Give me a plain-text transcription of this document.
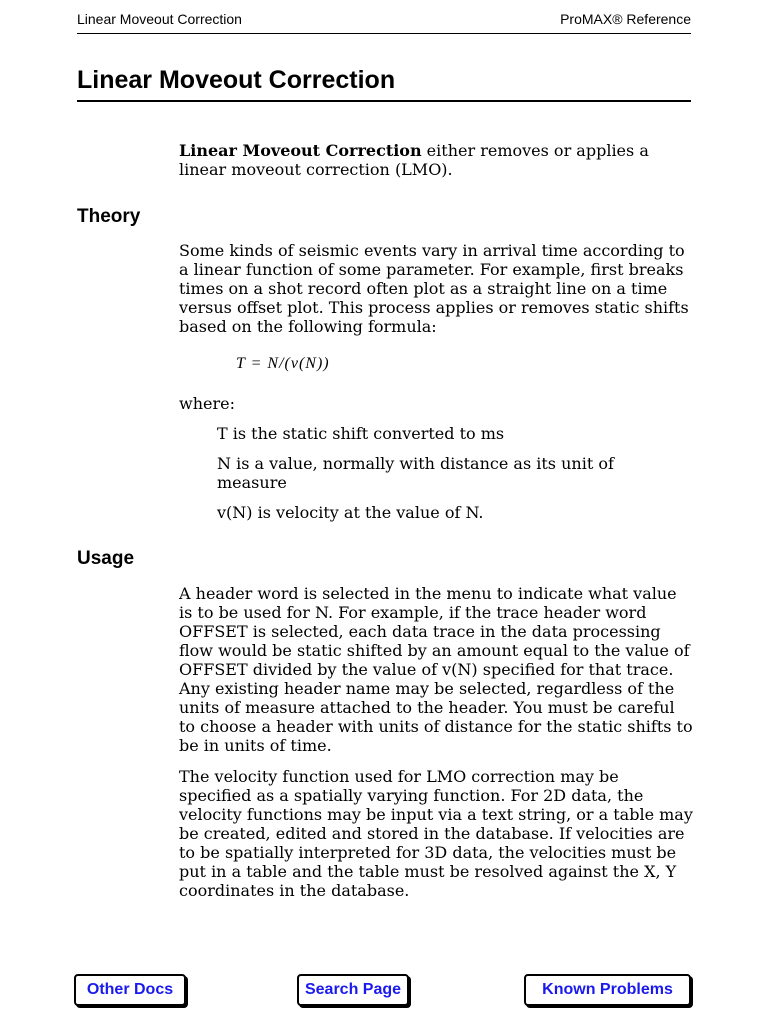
Linear Moveout Correction	ProMAX® Reference
Linear Moveout Correction

Linear Moveout Correction either removes or applies a linear moveout correction (LMO).

Theory

Some kinds of seismic events vary in arrival time according to a linear function of some parameter. For example, first breaks times on a shot record often plot as a straight line on a time versus offset plot. This process applies or removes static shifts based on the following formula:

T = N/(v(N))

where:

T is the static shift converted to ms

N is a value, normally with distance as its unit of measure

v(N) is velocity at the value of N.

Usage

A header word is selected in the menu to indicate what value is to be used for N. For example, if the trace header word OFFSET is selected, each data trace in the data processing flow would be static shifted by an amount equal to the value of OFFSET divided by the value of v(N) specified for that trace. Any existing header name may be selected, regardless of the units of measure attached to the header. You must be careful to choose a header with units of distance for the static shifts to be in units of time.

The velocity function used for LMO correction may be specified as a spatially varying function. For 2D data, the velocity functions may be input via a text string, or a table may be created, edited and stored in the database. If velocities are to be spatially interpreted for 3D data, the velocities must be put in a table and the table must be resolved against the X, Y coordinates in the database.

Other Docs	Search Page	Known Problems
